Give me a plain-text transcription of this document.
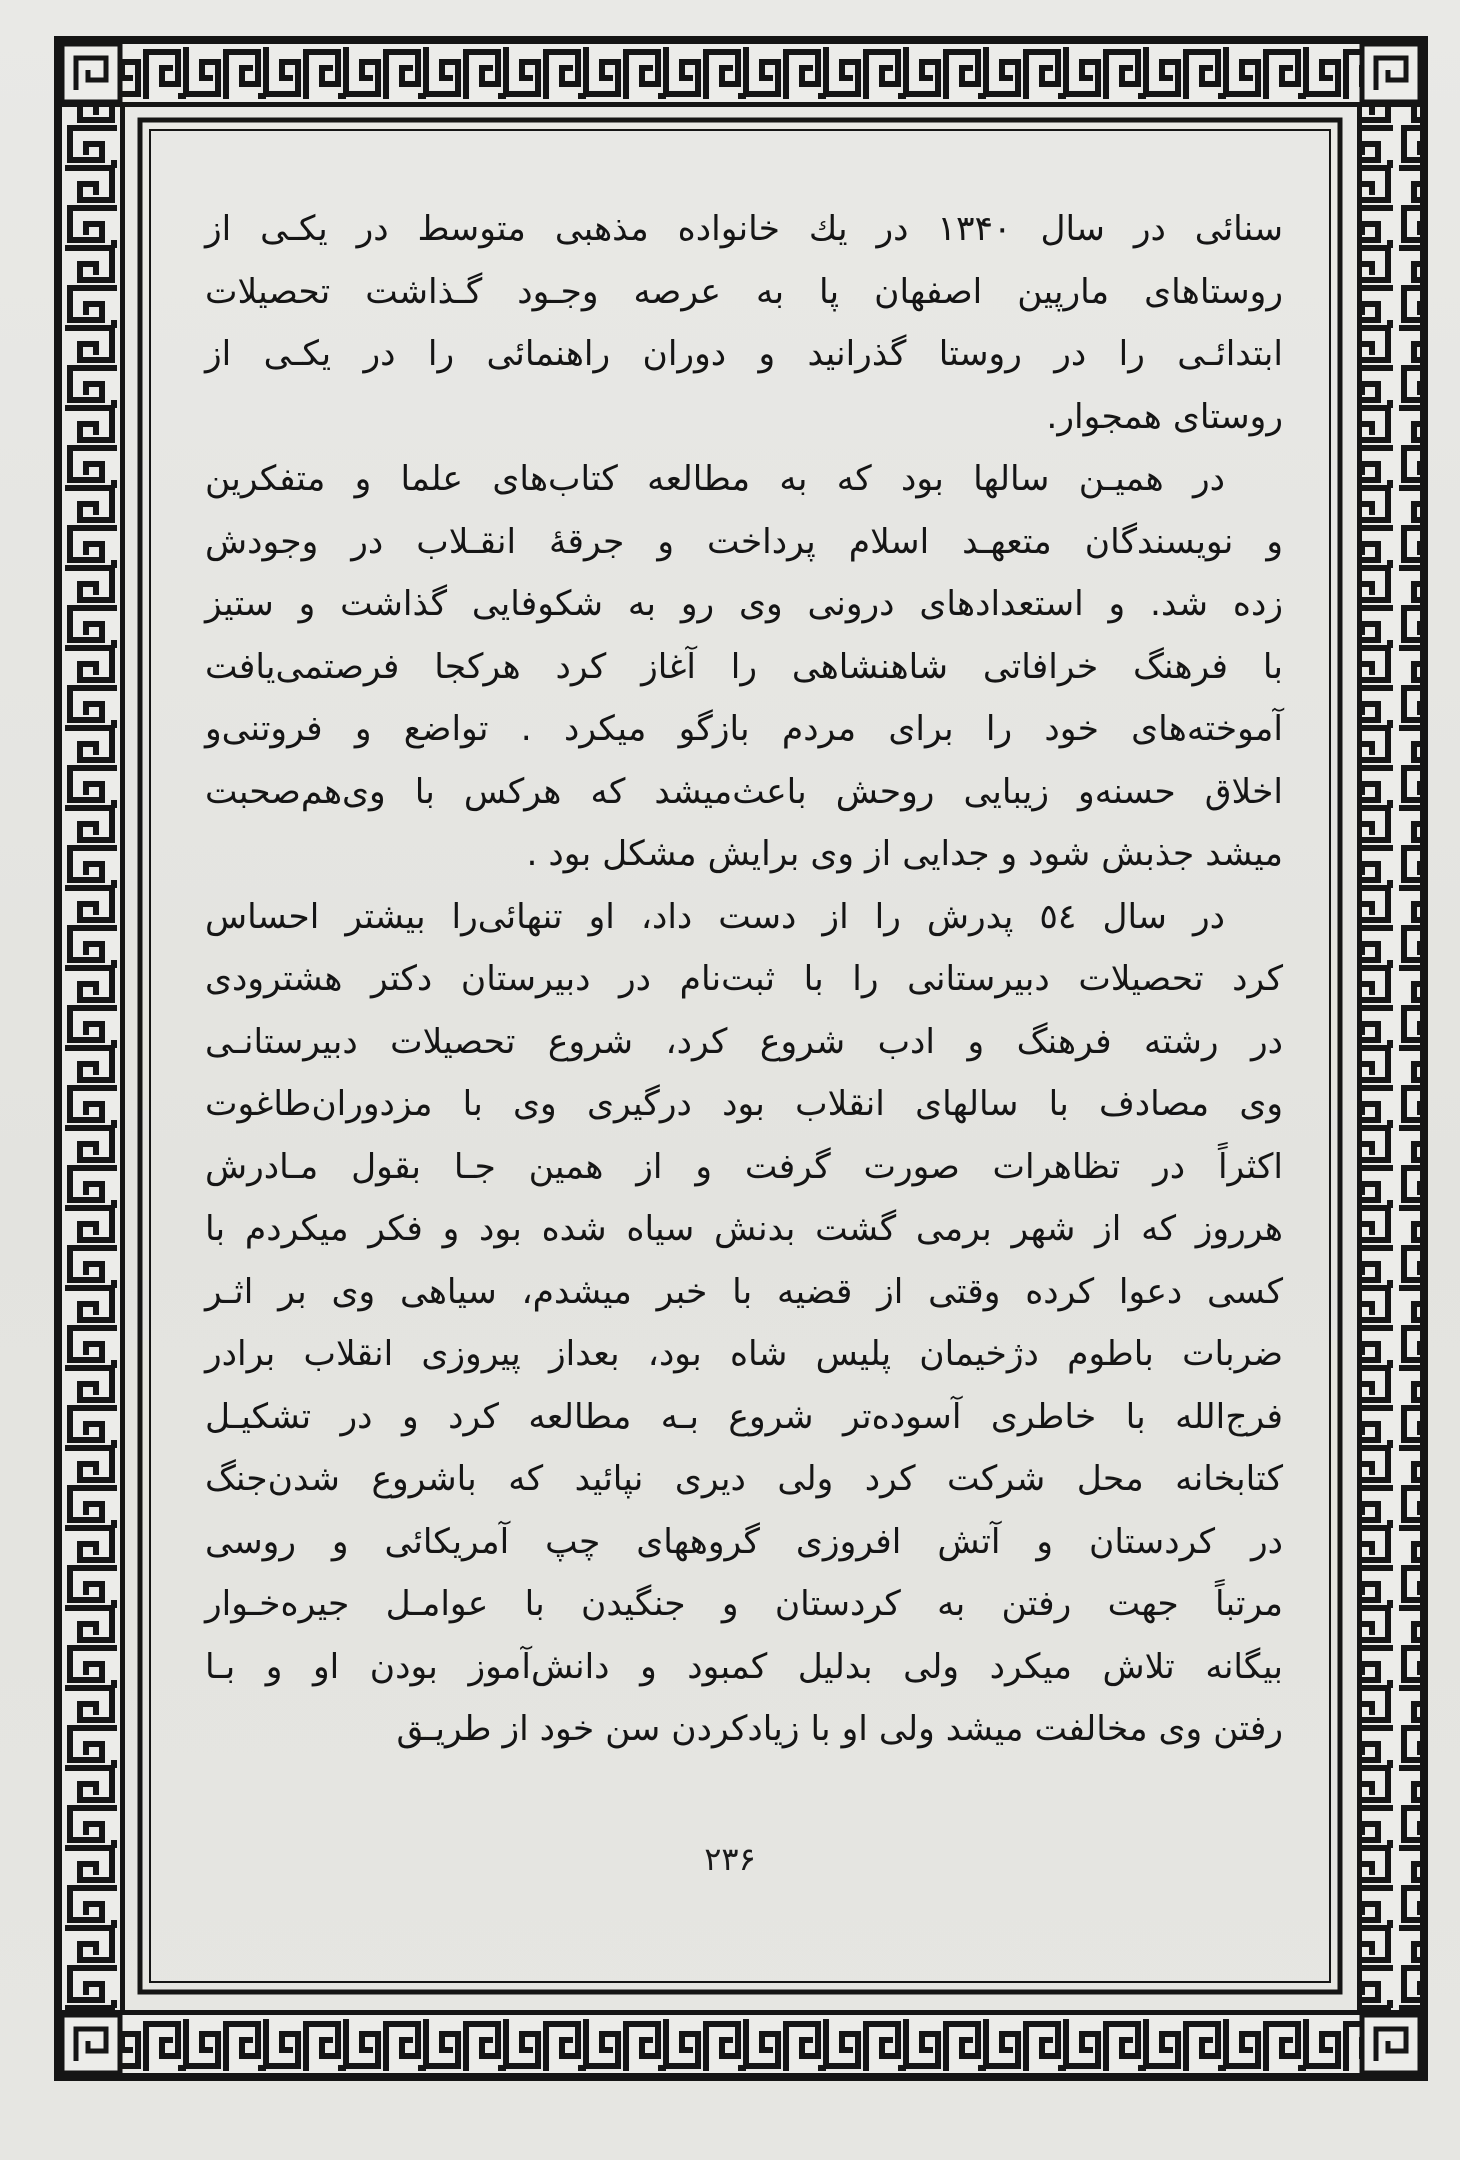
سنائی در سال ۱۳۴۰ در یك خانواده مذهبی متوسط در یکـی از
روستاهای مارپین اصفهان پا به عرصه وجـود گـذاشت تحصیلات
ابتدائـی را در روستا گذرانید و دوران راهنمائی را در یکـی از
روستای همجوار.
در همیـن سالها بود که به مطالعه کتاب‌های علما و متفکرین
و نویسندگان متعهـد اسلام پرداخت و جرقهٔ انقـلاب در وجودش
زده شد. و استعدادهای درونی وی رو به شکوفایی گذاشت و ستیز
با فرهنگ خرافاتی شاهنشاهی را آغاز کرد هرکجا فرصتمی‌یافت
آموخته‌های خود را برای مردم بازگو میکرد . تواضع و فروتنی‌و
اخلاق حسنه‌و زیبایی روحش باعث‌میشد که هرکس با وی‌هم‌صحبت
میشد جذبش شود و جدایی از وی برایش مشکل بود .
در سال ٥٤ پدرش را از دست داد، او تنهائی‌را بیشتر احساس
کرد تحصیلات دبیرستانی را با ثبت‌نام در دبیرستان دکتر هشترودی
در رشته فرهنگ و ادب شروع کرد، شروع تحصیلات دبیرستانـی
وی مصادف با سالهای انقلاب بود درگیری وی با مزدوران‌طاغوت
اکثراً در تظاهرات صورت گرفت و از همین جـا بقول مـادرش
هرروز که از شهر برمی گشت بدنش سیاه شده بود و فکر میکردم با
کسی دعوا کرده وقتی از قضیه با خبر میشدم، سیاهی وی بر اثـر
ضربات باطوم دژخیمان پلیس شاه بود، بعداز پیروزی انقلاب برادر
فرج‌الله با خاطری آسوده‌تر شروع بـه مطالعه کرد و در تشکیـل
کتابخانه محل شرکت کرد ولی دیری نپائید که باشروع شدن‌جنگ
در کردستان و آتش افروزی گروههای چپ آمریکائی و روسی
مرتباً جهت رفتن به کردستان و جنگیدن با عوامـل جیره‌خـوار
بیگانه تلاش میکرد ولی بدلیل کمبود و دانش‌آموز بودن او و بـا
رفتن وی مخالفت میشد ولی او با زیادکردن سن خود از طریـق
۲۳۶
